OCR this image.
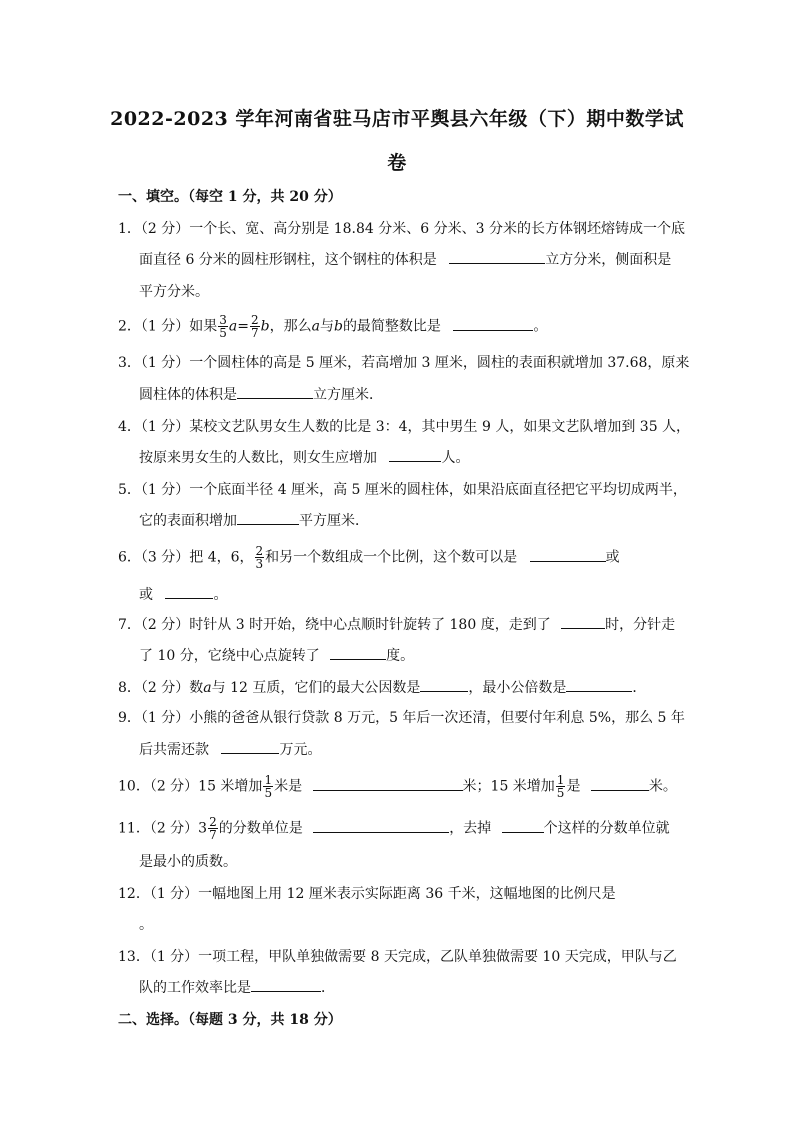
2022-2023 学年河南省驻马店市平舆县六年级（下）期中数学试
卷
一、填空。（每空 1 分，共 20 分）
1．（2 分）一个长、宽、高分别是 18.84 分米、6 分米、3 分米的长方体钢坯熔铸成一个底
面直径 6 分米的圆柱形钢柱，这个钢柱的体积是	立方分米，侧面积是
平方分米。
2．（1 分）如果 $\frac{3}{5} a= \frac{2}{7}$ b，那么a与b的最简整数比是	。
3．（1 分）一个圆柱体的高是 5 厘米，若高增加 3 厘米，圆柱的表面积就增加 37.68，原来
圆柱体的体积是	立方厘米．
4．（1 分）某校文艺队男女生人数的比是 3：4，其中男生 9 人，如果文艺队增加到 35 人，
按原来男女生的人数比，则女生应增加	人。
5．（1 分）一个底面半径 4 厘米，高 5 厘米的圆柱体，如果沿底面直径把它平均切成两半，
它的表面积增加	平方厘米．
6．（3 分）把 4，6， $\frac{2}{3}$ 和另一个数组成一个比例，这个数可以是	或
或	。
7．（2 分）时针从 3 时开始，绕中心点顺时针旋转了 180 度，走到了	时，分针走
了 10 分，它绕中心点旋转了	度。
8．（2 分）数a与 12 互质，它们的最大公因数是	，最小公倍数是	．
9．（1 分）小熊的爸爸从银行贷款 8 万元，5 年后一次还清，但要付年利息 5%，那么 5 年
后共需还款	万元。
10．（2 分）15 米增加 $\frac{1}{5}$ 米是	米；15 米增加 $\frac{1}{5}$ 是	米。
11．（2 分）$3 \frac{2}{7}$ 的分数单位是	，去掉	个这样的分数单位就
是最小的质数。
12．（1 分）一幅地图上用 12 厘米表示实际距离 36 千米，这幅地图的比例尺是
。
13．（1 分）一项工程，甲队单独做需要 8 天完成，乙队单独做需要 10 天完成，甲队与乙
队的工作效率比是	．
二、选择。（每题 3 分，共 18 分）
